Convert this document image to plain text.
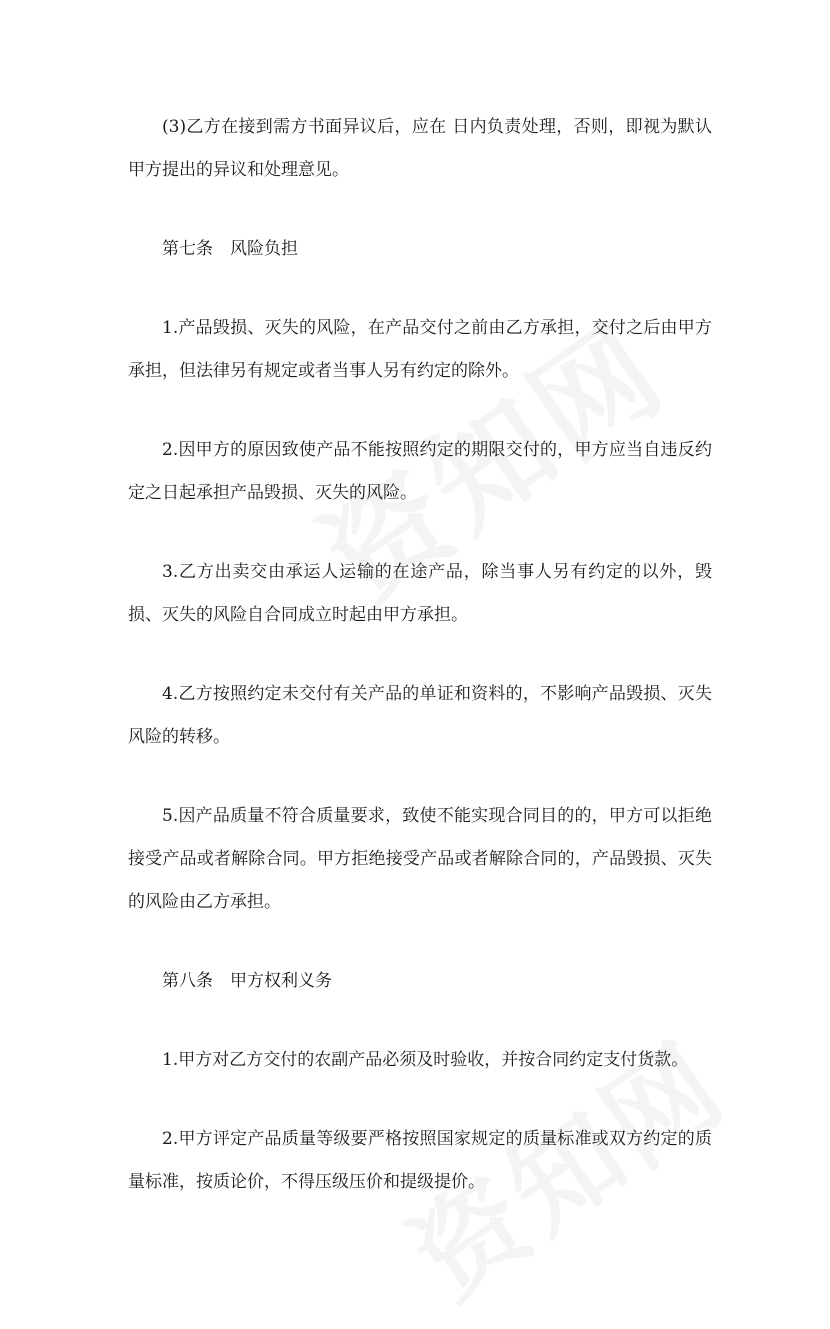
(3)乙方在接到需方书面异议后，应在 日内负责处理，否则，即视为默认甲方提出的异议和处理意见。

第七条　风险负担

1.产品毁损、灭失的风险，在产品交付之前由乙方承担，交付之后由甲方承担，但法律另有规定或者当事人另有约定的除外。

2.因甲方的原因致使产品不能按照约定的期限交付的，甲方应当自违反约定之日起承担产品毁损、灭失的风险。

3.乙方出卖交由承运人运输的在途产品，除当事人另有约定的以外，毁损、灭失的风险自合同成立时起由甲方承担。

4.乙方按照约定未交付有关产品的单证和资料的，不影响产品毁损、灭失风险的转移。

5.因产品质量不符合质量要求，致使不能实现合同目的的，甲方可以拒绝接受产品或者解除合同。甲方拒绝接受产品或者解除合同的，产品毁损、灭失的风险由乙方承担。

第八条　甲方权利义务

1.甲方对乙方交付的农副产品必须及时验收，并按合同约定支付货款。

2.甲方评定产品质量等级要严格按照国家规定的质量标准或双方约定的质量标准，按质论价，不得压级压价和提级提价。
